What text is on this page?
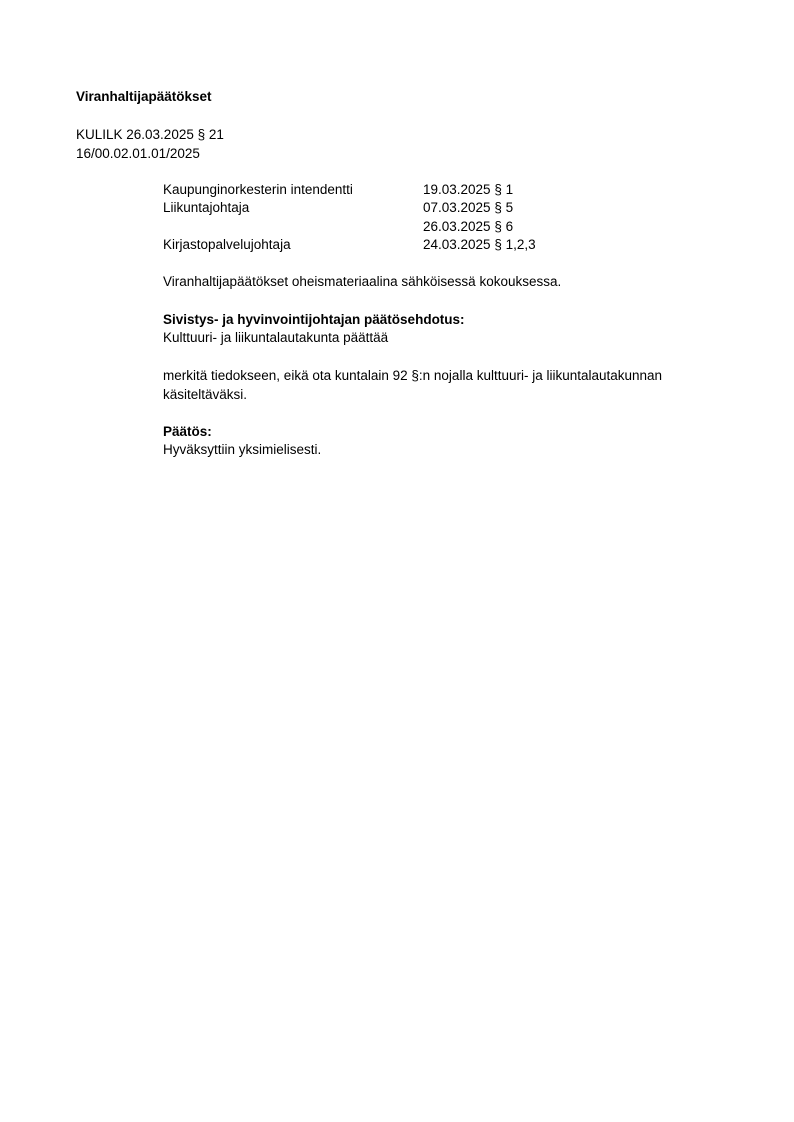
Viranhaltijapäätökset
KULILK 26.03.2025 § 21
16/00.02.01.01/2025
Kaupunginorkesterin intendentti	19.03.2025 § 1
Liikuntajohtaja	07.03.2025 § 5
26.03.2025 § 6
Kirjastopalvelujohtaja	24.03.2025 § 1,2,3
Viranhaltijapäätökset oheismateriaalina sähköisessä kokouksessa.
Sivistys- ja hyvinvointijohtajan päätösehdotus:
Kulttuuri- ja liikuntalautakunta päättää
merkitä tiedokseen, eikä ota kuntalain 92 §:n nojalla kulttuuri- ja liikuntalautakunnan käsiteltäväksi.
Päätös:
Hyväksyttiin yksimielisesti.
